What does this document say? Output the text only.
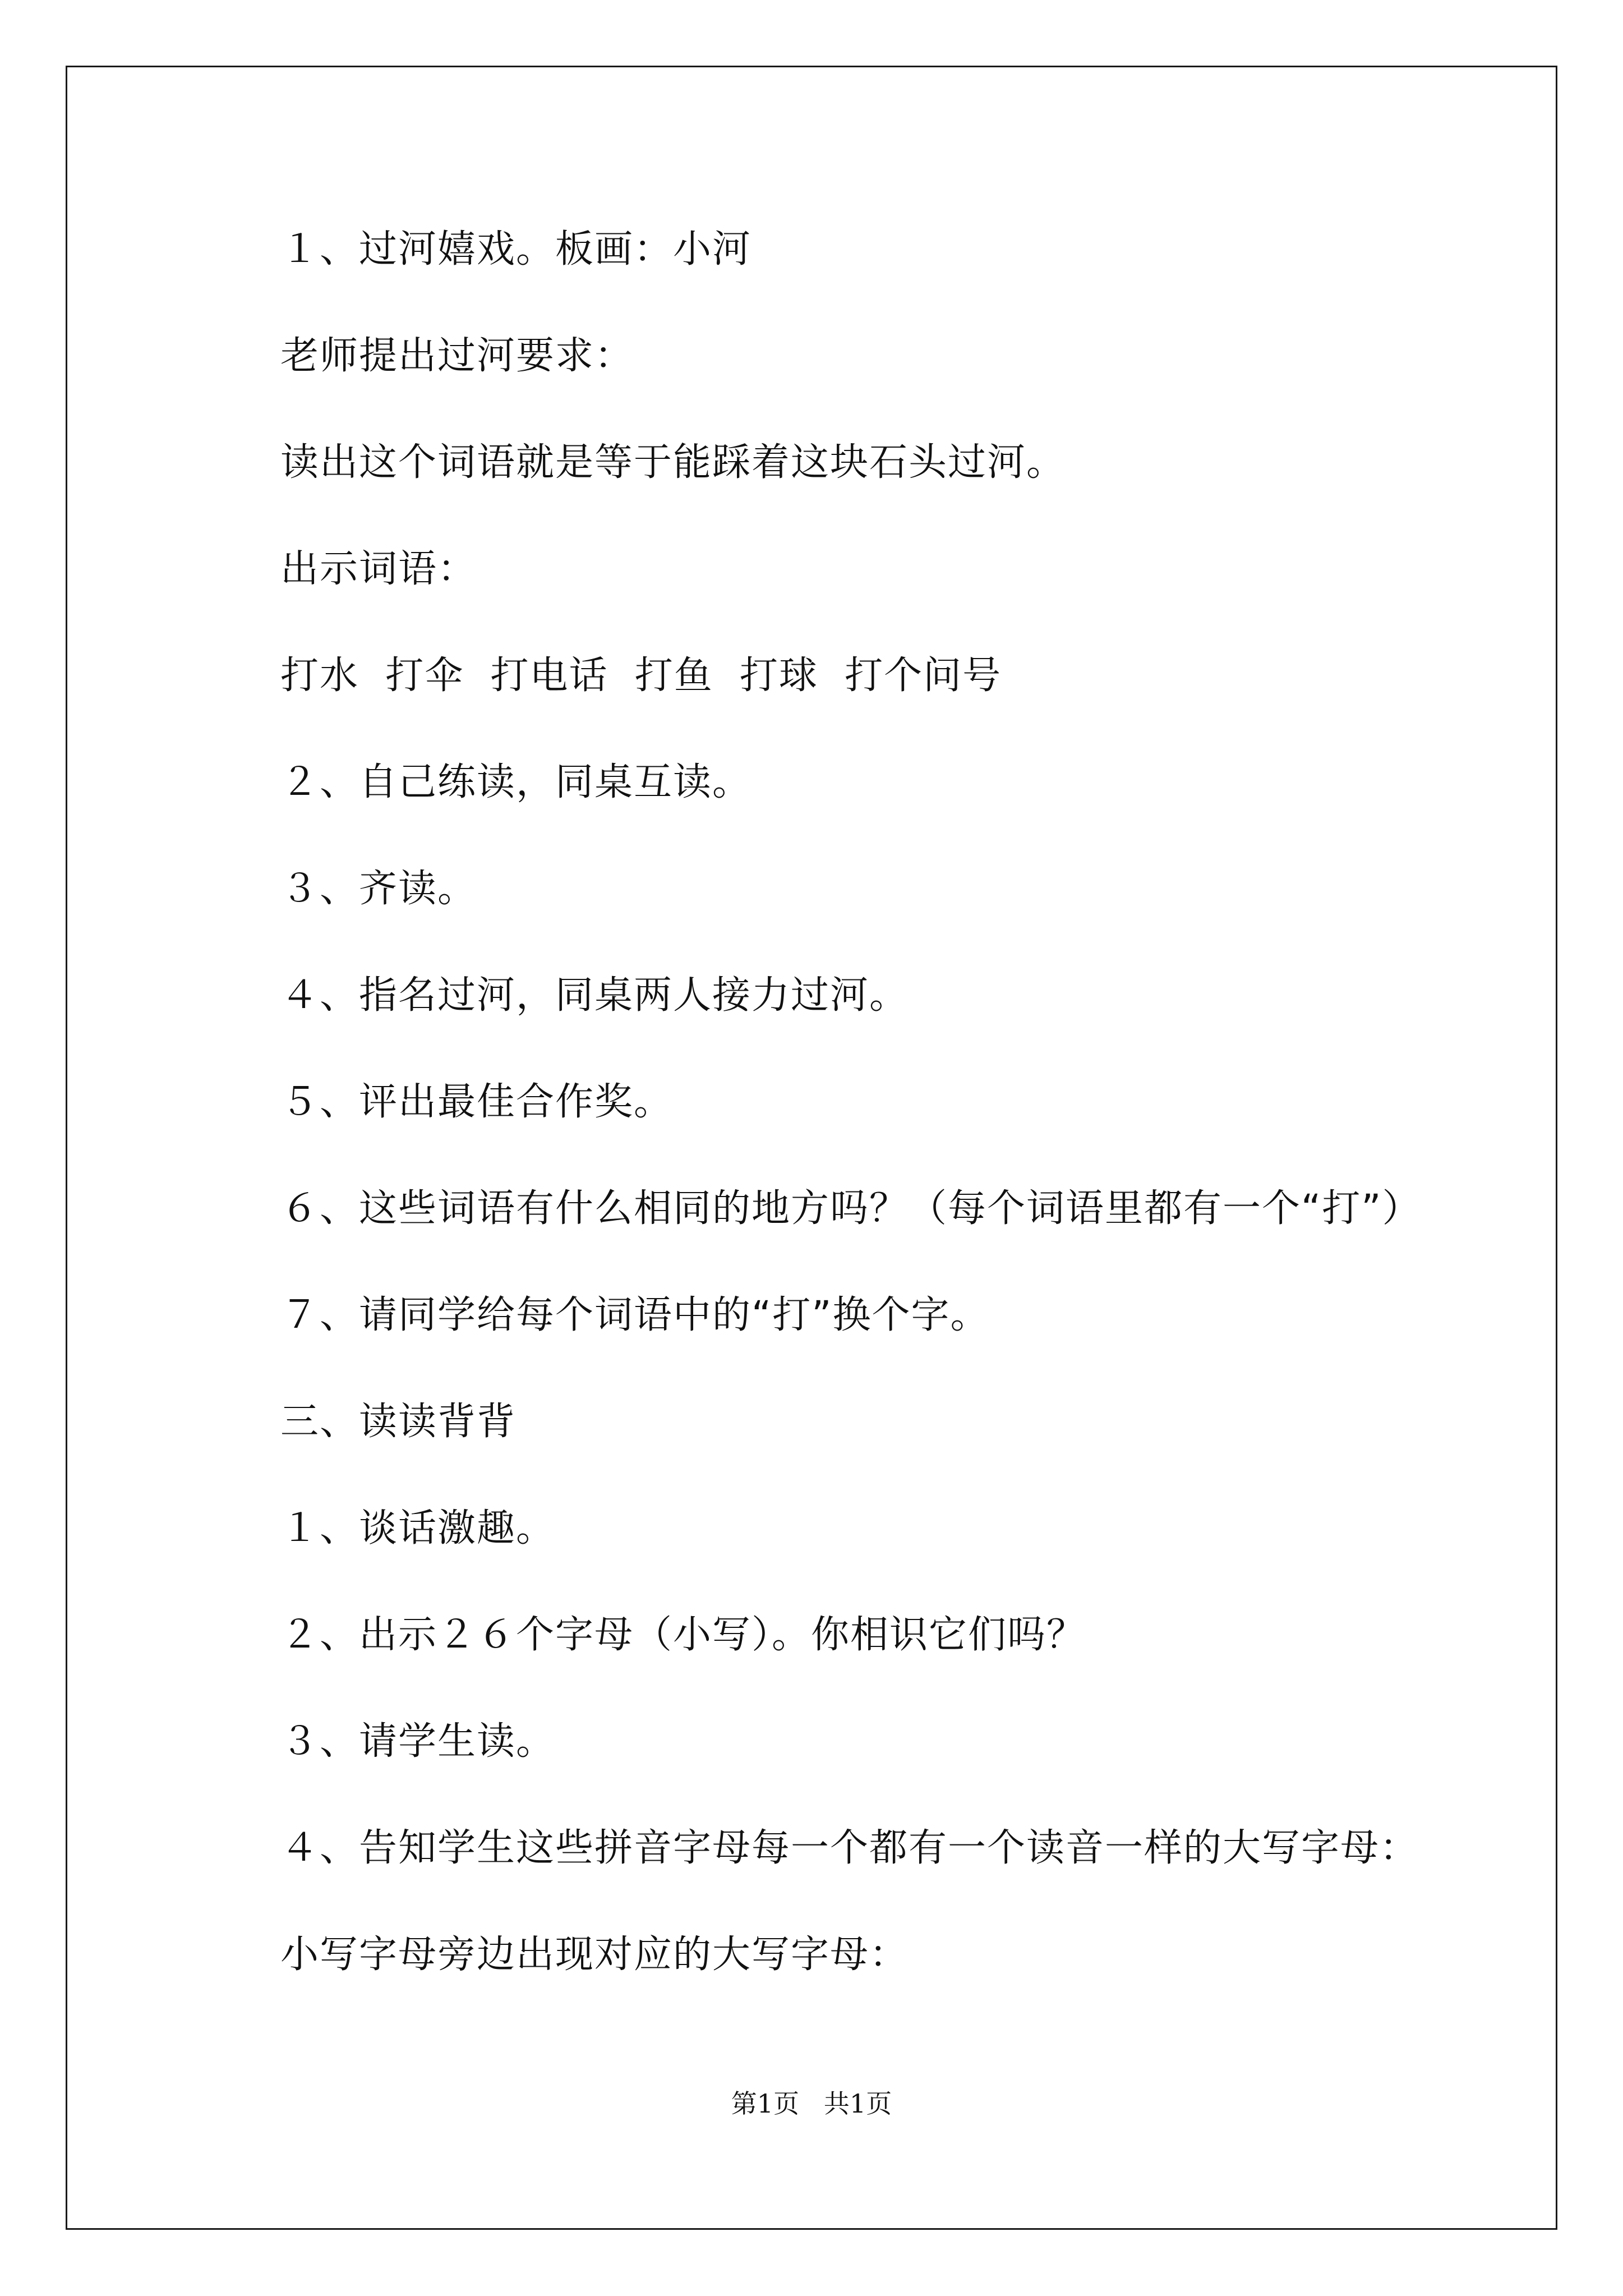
１、过河嬉戏。板画：小河
老师提出过河要求：
读出这个词语就是等于能踩着这块石头过河。
出示词语：
打水  打伞  打电话  打鱼  打球  打个问号
２、自己练读，同桌互读。
３、齐读。
４、指名过河，同桌两人接力过河。
５、评出最佳合作奖。
６、这些词语有什么相同的地方吗？（每个词语里都有一个“打”）
７、请同学给每个词语中的“打”换个字。
三、读读背背
１、谈话激趣。
２、出示２６个字母（小写）。你相识它们吗？
３、请学生读。
４、告知学生这些拼音字母每一个都有一个读音一样的大写字母：
小写字母旁边出现对应的大写字母：
第1页   共1页
